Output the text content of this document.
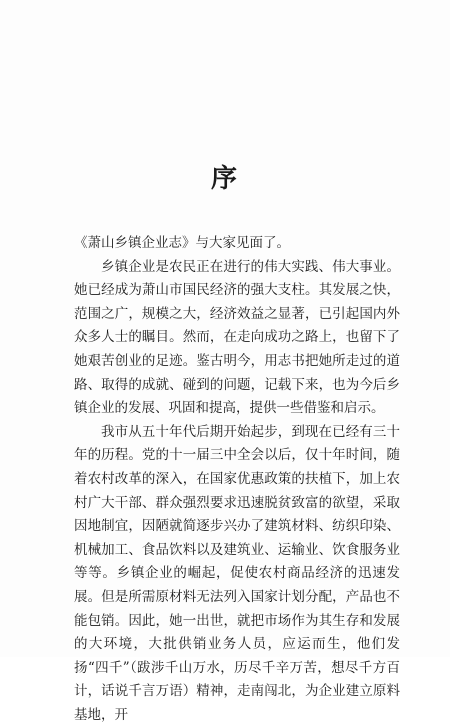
序

《萧山乡镇企业志》与大家见面了。

乡镇企业是农民正在进行的伟大实践、伟大事业。她已经成为萧山市国民经济的强大支柱。其发展之快，范围之广，规模之大，经济效益之显著，已引起国内外众多人士的瞩目。然而，在走向成功之路上，也留下了她艰苦创业的足迹。鉴古明今，用志书把她所走过的道路、取得的成就、碰到的问题，记载下来，也为今后乡镇企业的发展、巩固和提高，提供一些借鉴和启示。

我市从五十年代后期开始起步，到现在已经有三十年的历程。党的十一届三中全会以后，仅十年时间，随着农村改革的深入，在国家优惠政策的扶植下，加上农村广大干部、群众强烈要求迅速脱贫致富的欲望，采取因地制宜，因陋就简逐步兴办了建筑材料、纺织印染、机械加工、食品饮料以及建筑业、运输业、饮食服务业等等。乡镇企业的崛起，促使农村商品经济的迅速发展。但是所需原材料无法列入国家计划分配，产品也不能包销。因此，她一出世，就把市场作为其生存和发展的大环境，大批供销业务人员，应运而生，他们发扬“四千”（跋涉千山万水，历尽千辛万苦，想尽千方百计，话说千言万语）精神，走南闯北，为企业建立原料基地，开
